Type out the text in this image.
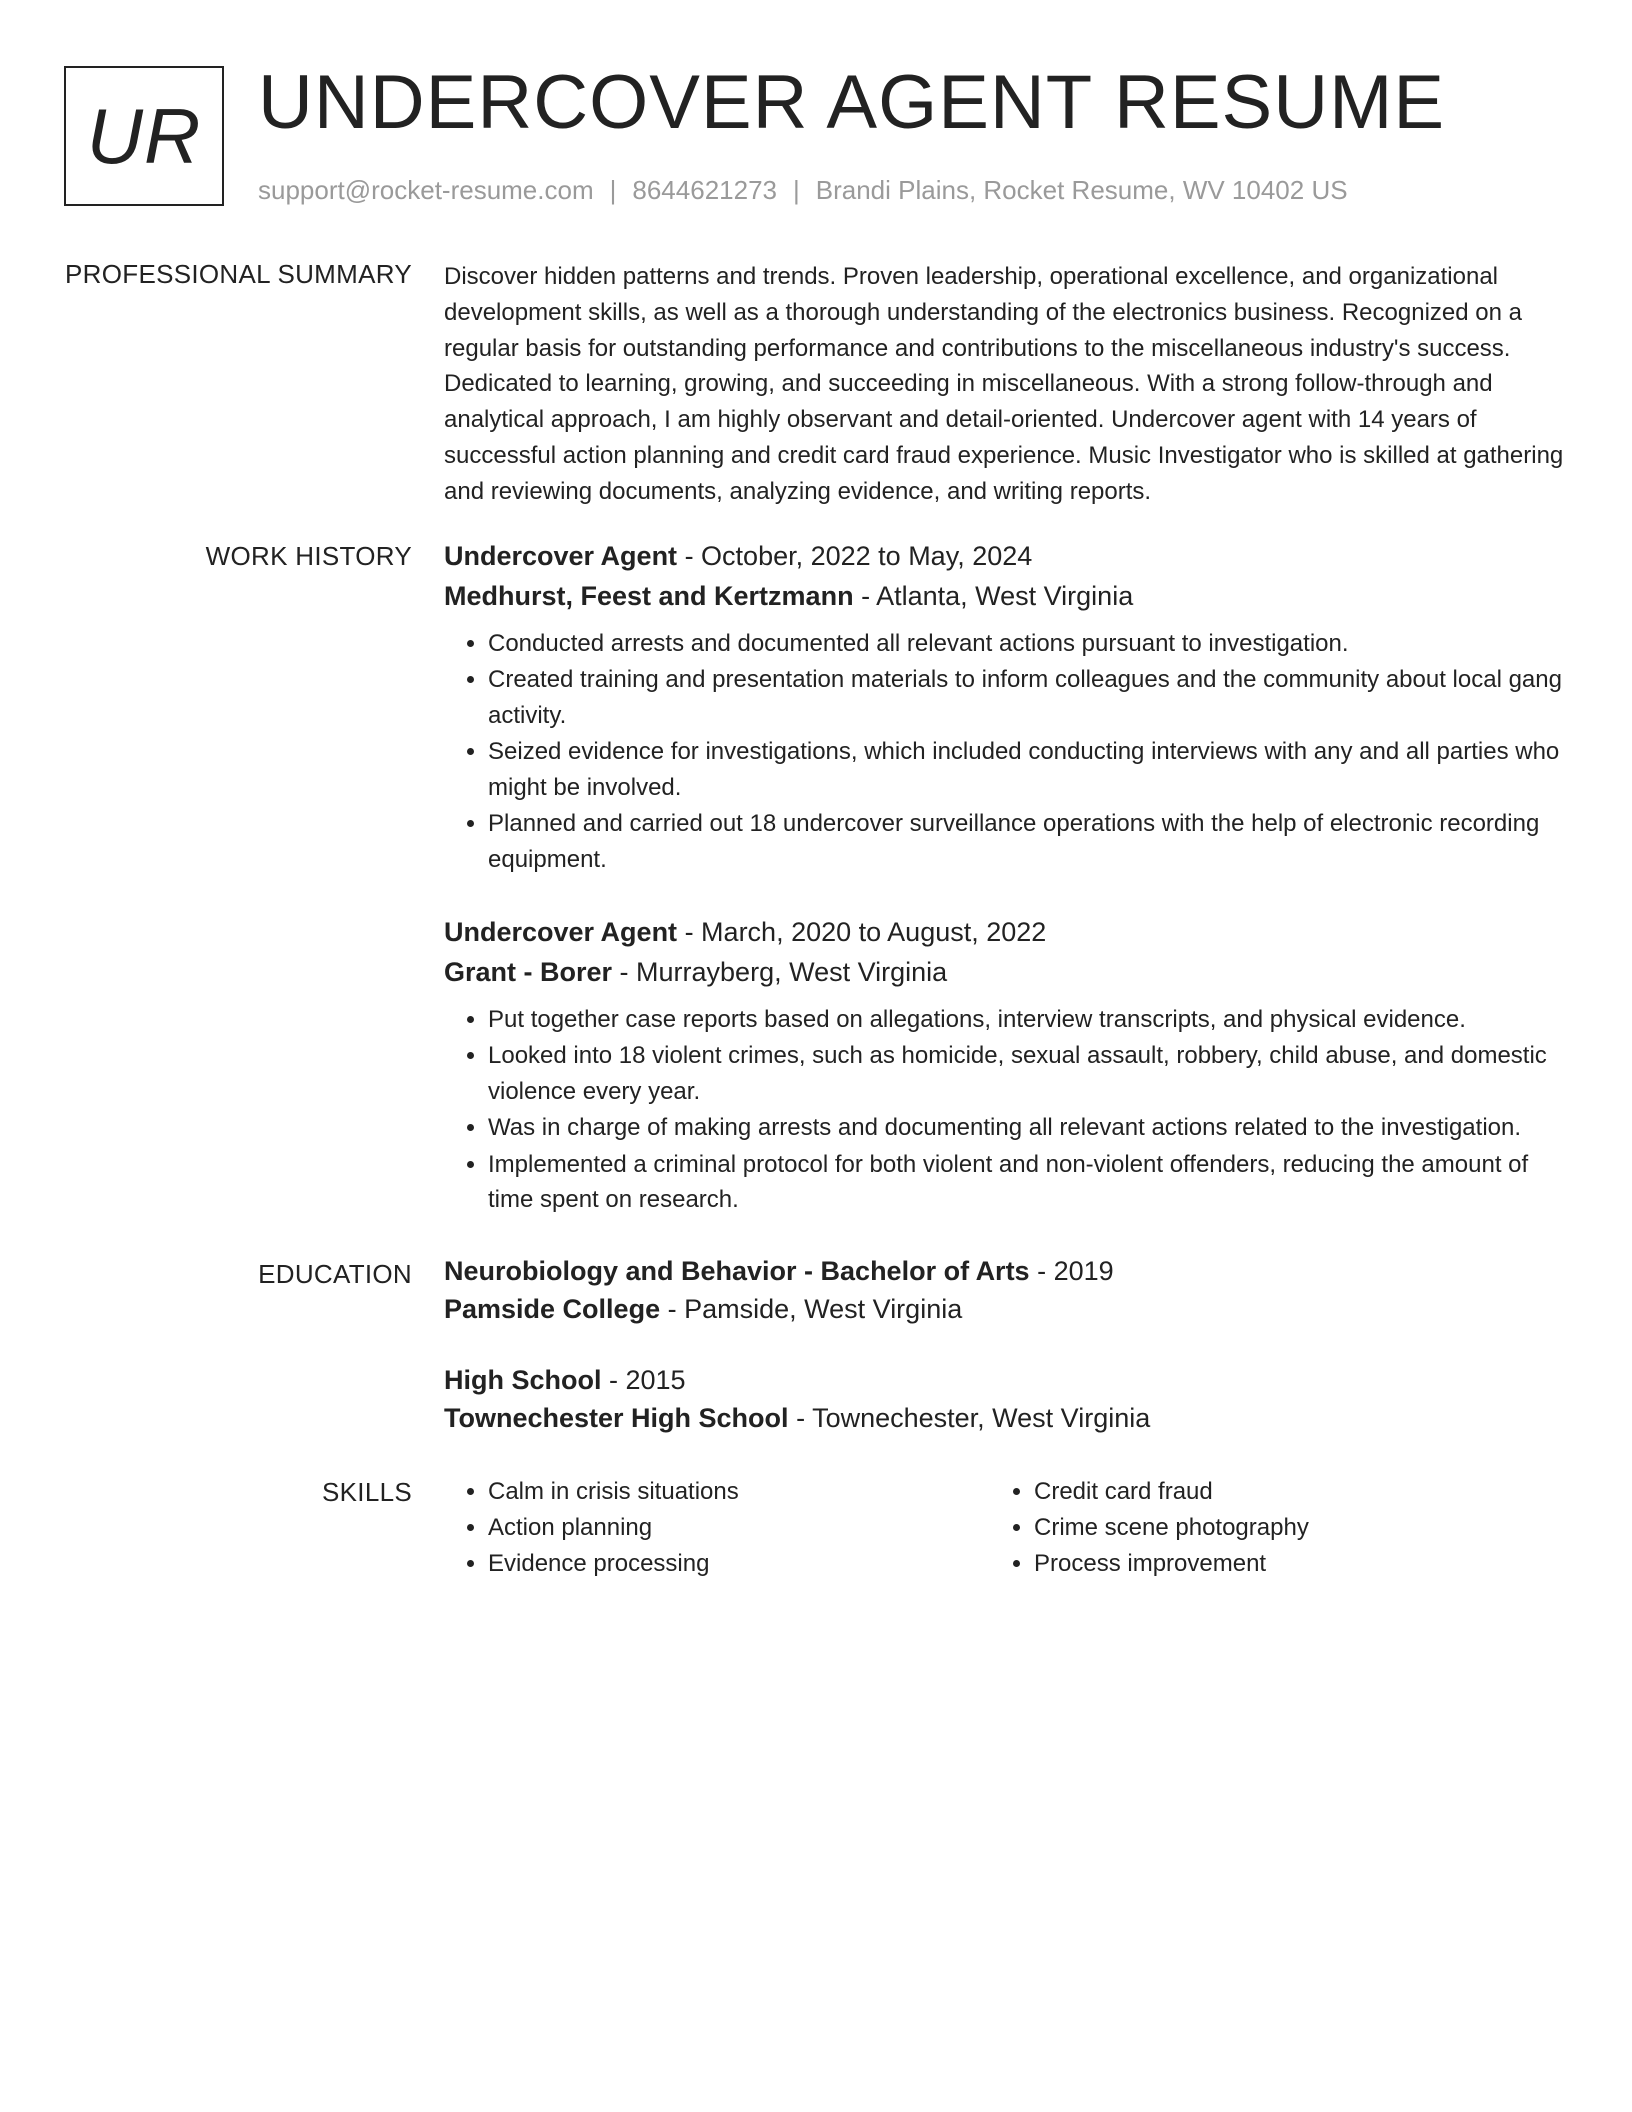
UR UNDERCOVER AGENT RESUME
support@rocket-resume.com | 8644621273 | Brandi Plains, Rocket Resume, WV 10402 US
PROFESSIONAL SUMMARY Discover hidden patterns and trends. Proven leadership, operational excellence, and organizational development skills, as well as a thorough understanding of the electronics business. Recognized on a regular basis for outstanding performance and contributions to the miscellaneous industry's success. Dedicated to learning, growing, and succeeding in miscellaneous. With a strong follow-through and analytical approach, I am highly observant and detail-oriented. Undercover agent with 14 years of successful action planning and credit card fraud experience. Music Investigator who is skilled at gathering and reviewing documents, analyzing evidence, and writing reports.

WORK HISTORY Undercover Agent - October, 2022 to May, 2024
Medhurst, Feest and Kertzmann - Atlanta, West Virginia
• Conducted arrests and documented all relevant actions pursuant to investigation.
• Created training and presentation materials to inform colleagues and the community about local gang activity.
• Seized evidence for investigations, which included conducting interviews with any and all parties who might be involved.
• Planned and carried out 18 undercover surveillance operations with the help of electronic recording equipment.
Undercover Agent - March, 2020 to August, 2022
Grant - Borer - Murrayberg, West Virginia
• Put together case reports based on allegations, interview transcripts, and physical evidence.
• Looked into 18 violent crimes, such as homicide, sexual assault, robbery, child abuse, and domestic violence every year.
• Was in charge of making arrests and documenting all relevant actions related to the investigation.
• Implemented a criminal protocol for both violent and non-violent offenders, reducing the amount of time spent on research.
EDUCATION Neurobiology and Behavior - Bachelor of Arts - 2019
Pamside College - Pamside, West Virginia
High School - 2015
Townechester High School - Townechester, West Virginia
SKILLS
•	Calm in crisis situations
• Action planning
• Evidence processing
• Credit card fraud
• Crime scene photography
• Process improvement
